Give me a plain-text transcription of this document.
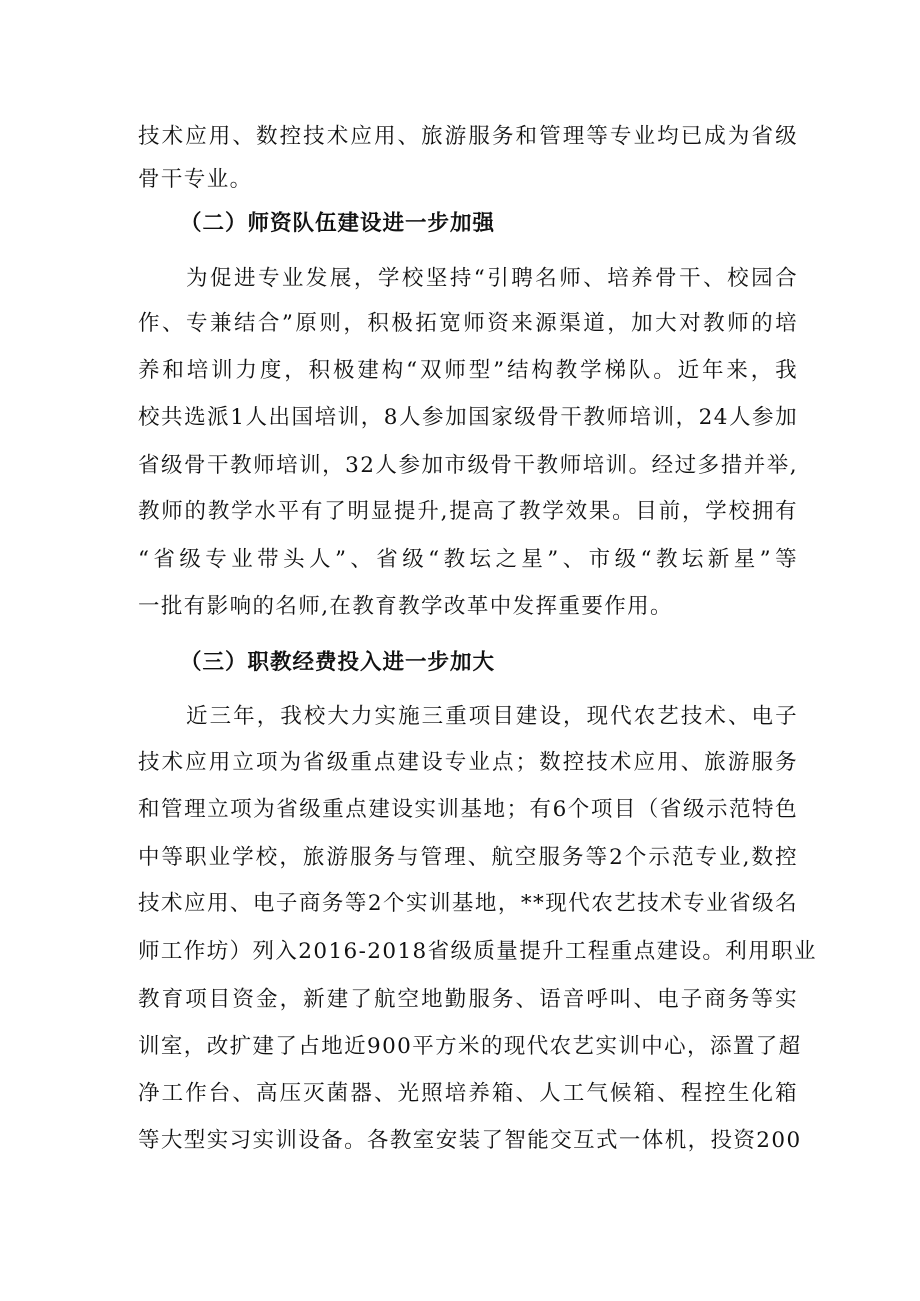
技术应用、数控技术应用、旅游服务和管理等专业均已成为省级
骨干专业。
（二）师资队伍建设进一步加强
为促进专业发展，学校坚持“引聘名师、培养骨干、校园合
作、专兼结合”原则，积极拓宽师资来源渠道，加大对教师的培
养和培训力度，积极建构“双师型”结构教学梯队。近年来，我
校共选派1人出国培训，8人参加国家级骨干教师培训，24人参加
省级骨干教师培训，32人参加市级骨干教师培训。经过多措并举,
教师的教学水平有了明显提升,提高了教学效果。目前，学校拥有
“省级专业带头人”、省级“教坛之星”、市级“教坛新星”等
一批有影响的名师,在教育教学改革中发挥重要作用。
（三）职教经费投入进一步加大
近三年，我校大力实施三重项目建设，现代农艺技术、电子
技术应用立项为省级重点建设专业点；数控技术应用、旅游服务
和管理立项为省级重点建设实训基地；有6个项目（省级示范特色
中等职业学校，旅游服务与管理、航空服务等2个示范专业,数控
技术应用、电子商务等2个实训基地，**现代农艺技术专业省级名
师工作坊）列入2016-2018省级质量提升工程重点建设。利用职业
教育项目资金，新建了航空地勤服务、语音呼叫、电子商务等实
训室，改扩建了占地近900平方米的现代农艺实训中心，添置了超
净工作台、高压灭菌器、光照培养箱、人工气候箱、程控生化箱
等大型实习实训设备。各教室安装了智能交互式一体机，投资200
